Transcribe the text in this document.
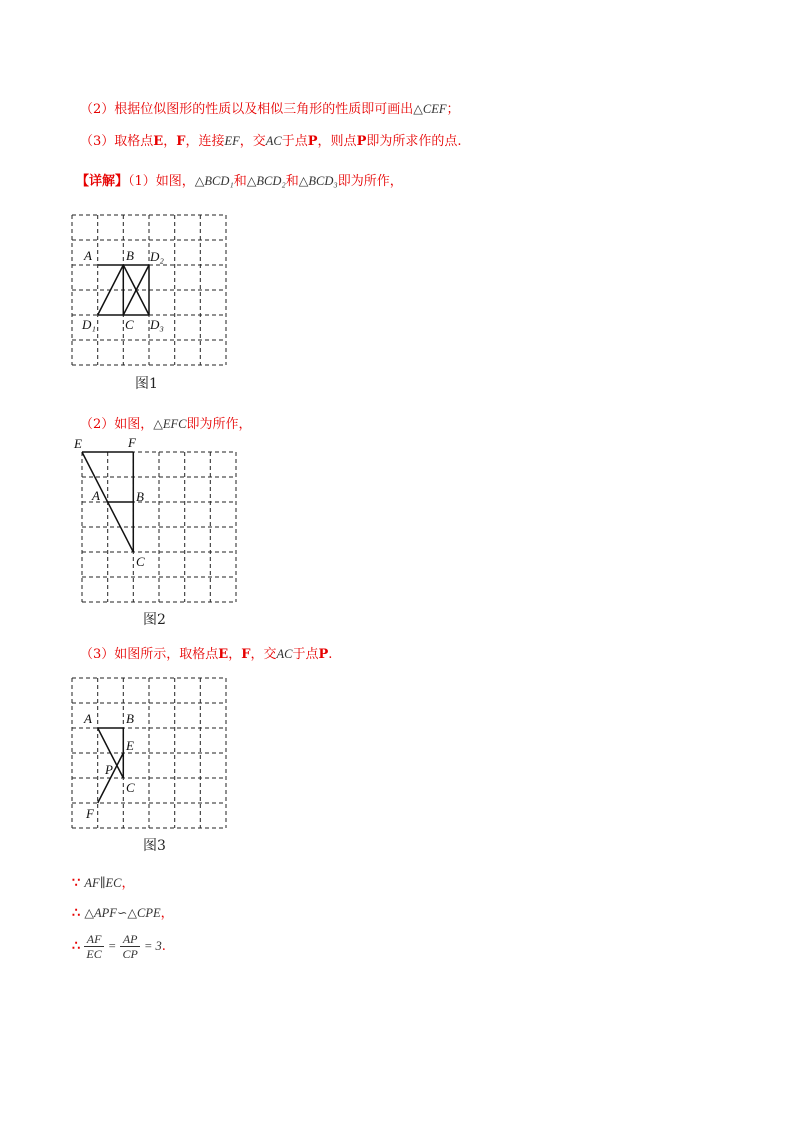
（2）根据位似图形的性质以及相似三角形的性质即可画出△CEF；
（3）取格点E，F，连接EF，交AC于点P，则点P即为所求作的点.
【详解】（1）如图，△BCD₁和△BCD₂和△BCD₃即为所作，
A	B D₂
D₁ C D₃
图1
（2）如图，△EFC即为所作，
E	F
A	B
C
图2
（3）如图所示，取格点E，F，交AC于点P.
A	B
E
P
C
F
图3
∵ AF∥EC，
∴ △APF∽△CPE，
∴ $\frac{AF}{EC} = \frac{AP}{CP} = 3$.
